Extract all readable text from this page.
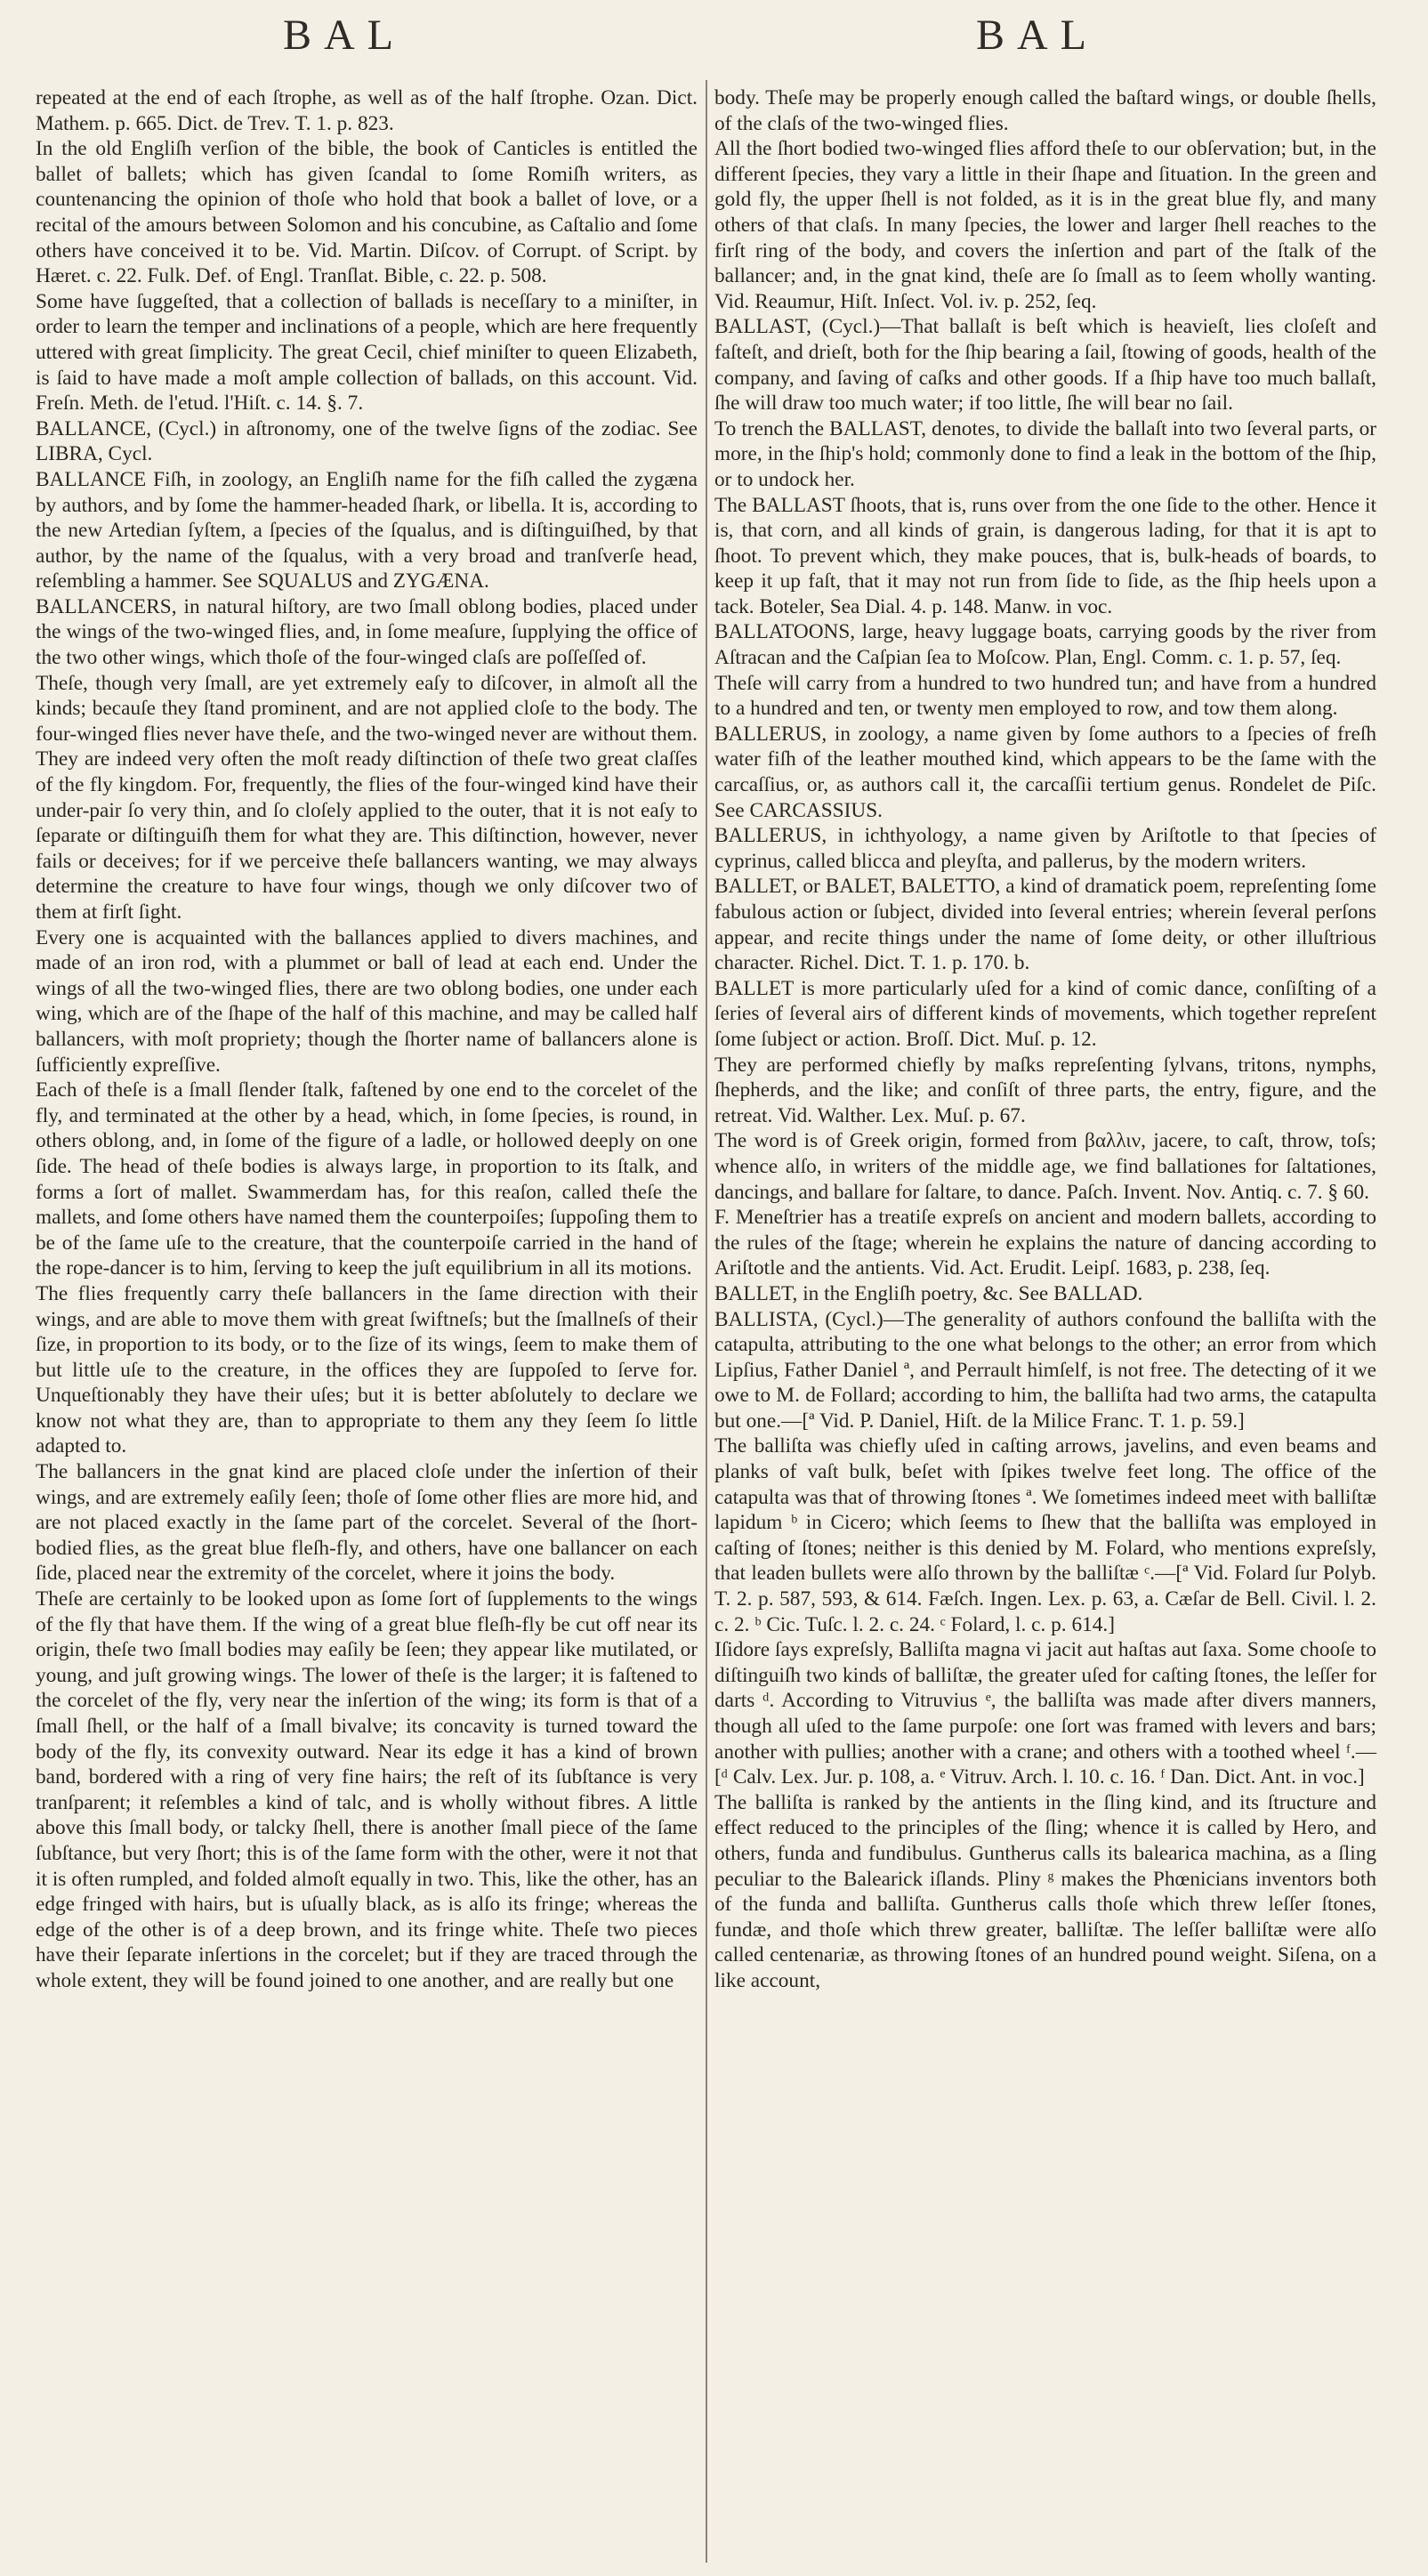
BAL	BAL

repeated at the end of each ſtrophe, as well as of the half ſtrophe. Ozan. Dict. Mathem. p. 665. Dict. de Trev. T. 1. p. 823.

In the old Engliſh verſion of the bible, the book of Canticles is entitled the ballet of ballets; which has given ſcandal to ſome Romiſh writers, as countenancing the opinion of thoſe who hold that book a ballet of love, or a recital of the amours between Solomon and his concubine, as Caſtalio and ſome others have conceived it to be. Vid. Martin. Diſcov. of Corrupt. of Script. by Hæret. c. 22. Fulk. Def. of Engl. Tranſlat. Bible, c. 22. p. 508.

Some have ſuggeſted, that a collection of ballads is neceſſary to a miniſter, in order to learn the temper and inclinations of a people, which are here frequently uttered with great ſimplicity. The great Cecil, chief miniſter to queen Elizabeth, is ſaid to have made a moſt ample collection of ballads, on this account. Vid. Freſn. Meth. de l'etud. l'Hiſt. c. 14. §. 7.

BALLANCE, (Cycl.) in aſtronomy, one of the twelve ſigns of the zodiac. See LIBRA, Cycl.

BALLANCE Fiſh, in zoology, an Engliſh name for the fiſh called the zygæna by authors, and by ſome the hammer-headed ſhark, or libella. It is, according to the new Artedian ſyſtem, a ſpecies of the ſqualus, and is diſtinguiſhed, by that author, by the name of the ſqualus, with a very broad and tranſverſe head, reſembling a hammer. See SQUALUS and ZYGÆNA.

BALLANCERS, in natural hiſtory, are two ſmall oblong bodies, placed under the wings of the two-winged flies, and, in ſome meaſure, ſupplying the office of the two other wings, which thoſe of the four-winged claſs are poſſeſſed of.

Theſe, though very ſmall, are yet extremely eaſy to diſcover, in almoſt all the kinds; becauſe they ſtand prominent, and are not applied cloſe to the body. The four-winged flies never have theſe, and the two-winged never are without them. They are indeed very often the moſt ready diſtinction of theſe two great claſſes of the fly kingdom. For, frequently, the flies of the four-winged kind have their under-pair ſo very thin, and ſo cloſely applied to the outer, that it is not eaſy to ſeparate or diſtinguiſh them for what they are. This diſtinction, however, never fails or deceives; for if we perceive theſe ballancers wanting, we may always determine the creature to have four wings, though we only diſcover two of them at firſt ſight.

Every one is acquainted with the ballances applied to divers machines, and made of an iron rod, with a plummet or ball of lead at each end. Under the wings of all the two-winged flies, there are two oblong bodies, one under each wing, which are of the ſhape of the half of this machine, and may be called half ballancers, with moſt propriety; though the ſhorter name of ballancers alone is ſufficiently expreſſive.

Each of theſe is a ſmall ſlender ſtalk, faſtened by one end to the corcelet of the fly, and terminated at the other by a head, which, in ſome ſpecies, is round, in others oblong, and, in ſome of the figure of a ladle, or hollowed deeply on one ſide. The head of theſe bodies is always large, in proportion to its ſtalk, and forms a ſort of mallet. Swammerdam has, for this reaſon, called theſe the mallets, and ſome others have named them the counterpoiſes; ſuppoſing them to be of the ſame uſe to the creature, that the counterpoiſe carried in the hand of the rope-dancer is to him, ſerving to keep the juſt equilibrium in all its motions.

The flies frequently carry theſe ballancers in the ſame direction with their wings, and are able to move them with great ſwiftneſs; but the ſmallneſs of their ſize, in proportion to its body, or to the ſize of its wings, ſeem to make them of but little uſe to the creature, in the offices they are ſuppoſed to ſerve for. Unqueſtionably they have their uſes; but it is better abſolutely to declare we know not what they are, than to appropriate to them any they ſeem ſo little adapted to.

The ballancers in the gnat kind are placed cloſe under the inſertion of their wings, and are extremely eaſily ſeen; thoſe of ſome other flies are more hid, and are not placed exactly in the ſame part of the corcelet. Several of the ſhort-bodied flies, as the great blue fleſh-fly, and others, have one ballancer on each ſide, placed near the extremity of the corcelet, where it joins the body.

Theſe are certainly to be looked upon as ſome ſort of ſupplements to the wings of the fly that have them. If the wing of a great blue fleſh-fly be cut off near its origin, theſe two ſmall bodies may eaſily be ſeen; they appear like mutilated, or young, and juſt growing wings. The lower of theſe is the larger; it is faſtened to the corcelet of the fly, very near the inſertion of the wing; its form is that of a ſmall ſhell, or the half of a ſmall bivalve; its concavity is turned toward the body of the fly, its convexity outward. Near its edge it has a kind of brown band, bordered with a ring of very fine hairs; the reſt of its ſubſtance is very tranſparent; it reſembles a kind of talc, and is wholly without fibres. A little above this ſmall body, or talcky ſhell, there is another ſmall piece of the ſame ſubſtance, but very ſhort; this is of the ſame form with the other, were it not that it is often rumpled, and folded almoſt equally in two. This, like the other, has an edge fringed with hairs, but is uſually black, as is alſo its fringe; whereas the edge of the other is of a deep brown, and its fringe white. Theſe two pieces have their ſeparate inſertions in the corcelet; but if they are traced through the whole extent, they will be found joined to one another, and are really but one

body. Theſe may be properly enough called the baſtard wings, or double ſhells, of the claſs of the two-winged flies.

All the ſhort bodied two-winged flies afford theſe to our obſervation; but, in the different ſpecies, they vary a little in their ſhape and ſituation. In the green and gold fly, the upper ſhell is not folded, as it is in the great blue fly, and many others of that claſs. In many ſpecies, the lower and larger ſhell reaches to the firſt ring of the body, and covers the inſertion and part of the ſtalk of the ballancer; and, in the gnat kind, theſe are ſo ſmall as to ſeem wholly wanting. Vid. Reaumur, Hiſt. Inſect. Vol. iv. p. 252, ſeq.

BALLAST, (Cycl.)—That ballaſt is beſt which is heavieſt, lies cloſeſt and faſteſt, and drieſt, both for the ſhip bearing a ſail, ſtowing of goods, health of the company, and ſaving of caſks and other goods. If a ſhip have too much ballaſt, ſhe will draw too much water; if too little, ſhe will bear no ſail.

To trench the BALLAST, denotes, to divide the ballaſt into two ſeveral parts, or more, in the ſhip's hold; commonly done to find a leak in the bottom of the ſhip, or to undock her.

The BALLAST ſhoots, that is, runs over from the one ſide to the other. Hence it is, that corn, and all kinds of grain, is dangerous lading, for that it is apt to ſhoot. To prevent which, they make pouces, that is, bulk-heads of boards, to keep it up faſt, that it may not run from ſide to ſide, as the ſhip heels upon a tack. Boteler, Sea Dial. 4. p. 148. Manw. in voc.

BALLATOONS, large, heavy luggage boats, carrying goods by the river from Aſtracan and the Caſpian ſea to Moſcow. Plan, Engl. Comm. c. 1. p. 57, ſeq.

Theſe will carry from a hundred to two hundred tun; and have from a hundred to a hundred and ten, or twenty men employed to row, and tow them along.

BALLERUS, in zoology, a name given by ſome authors to a ſpecies of freſh water fiſh of the leather mouthed kind, which appears to be the ſame with the carcaſſius, or, as authors call it, the carcaſſii tertium genus. Rondelet de Piſc. See CARCASSIUS.

BALLERUS, in ichthyology, a name given by Ariſtotle to that ſpecies of cyprinus, called blicca and pleyſta, and pallerus, by the modern writers.

BALLET, or BALET, BALETTO, a kind of dramatick poem, repreſenting ſome fabulous action or ſubject, divided into ſeveral entries; wherein ſeveral perſons appear, and recite things under the name of ſome deity, or other illuſtrious character. Richel. Dict. T. 1. p. 170. b.

BALLET is more particularly uſed for a kind of comic dance, conſiſting of a ſeries of ſeveral airs of different kinds of movements, which together repreſent ſome ſubject or action. Broſſ. Dict. Muſ. p. 12.

They are performed chiefly by maſks repreſenting ſylvans, tritons, nymphs, ſhepherds, and the like; and conſiſt of three parts, the entry, figure, and the retreat. Vid. Walther. Lex. Muſ. p. 67.

The word is of Greek origin, formed from βαλλιν, jacere, to caſt, throw, toſs; whence alſo, in writers of the middle age, we find ballationes for ſaltationes, dancings, and ballare for ſaltare, to dance. Paſch. Invent. Nov. Antiq. c. 7. § 60.

F. Meneſtrier has a treatiſe expreſs on ancient and modern ballets, according to the rules of the ſtage; wherein he explains the nature of dancing according to Ariſtotle and the antients. Vid. Act. Erudit. Leipſ. 1683, p. 238, ſeq.

BALLET, in the Engliſh poetry, &c. See BALLAD.

BALLISTA, (Cycl.)—The generality of authors confound the balliſta with the catapulta, attributing to the one what belongs to the other; an error from which Lipſius, Father Daniel ª, and Perrault himſelf, is not free. The detecting of it we owe to M. de Follard; according to him, the balliſta had two arms, the catapulta but one.—[ª Vid. P. Daniel, Hiſt. de la Milice Franc. T. 1. p. 59.]

The balliſta was chiefly uſed in caſting arrows, javelins, and even beams and planks of vaſt bulk, beſet with ſpikes twelve feet long. The office of the catapulta was that of throwing ſtones ª. We ſometimes indeed meet with balliſtæ lapidum ᵇ in Cicero; which ſeems to ſhew that the balliſta was employed in caſting of ſtones; neither is this denied by M. Folard, who mentions expreſsly, that leaden bullets were alſo thrown by the balliſtæ ᶜ.—[ª Vid. Folard ſur Polyb. T. 2. p. 587, 593, & 614. Fæſch. Ingen. Lex. p. 63, a. Cæſar de Bell. Civil. l. 2. c. 2. ᵇ Cic. Tuſc. l. 2. c. 24. ᶜ Folard, l. c. p. 614.]

Iſidore ſays expreſsly, Balliſta magna vi jacit aut haſtas aut ſaxa. Some chooſe to diſtinguiſh two kinds of balliſtæ, the greater uſed for caſting ſtones, the leſſer for darts ᵈ. According to Vitruvius ᵉ, the balliſta was made after divers manners, though all uſed to the ſame purpoſe: one ſort was framed with levers and bars; another with pullies; another with a crane; and others with a toothed wheel ᶠ.—[ᵈ Calv. Lex. Jur. p. 108, a. ᵉ Vitruv. Arch. l. 10. c. 16. ᶠ Dan. Dict. Ant. in voc.]

The balliſta is ranked by the antients in the ſling kind, and its ſtructure and effect reduced to the principles of the ſling; whence it is called by Hero, and others, funda and fundibulus. Guntherus calls its balearica machina, as a ſling peculiar to the Balearick iſlands. Pliny ᵍ makes the Phœnicians inventors both of the funda and balliſta. Guntherus calls thoſe which threw leſſer ſtones, fundæ, and thoſe which threw greater, balliſtæ. The leſſer balliſtæ were alſo called centenariæ, as throwing ſtones of an hundred pound weight. Siſena, on a like account,
